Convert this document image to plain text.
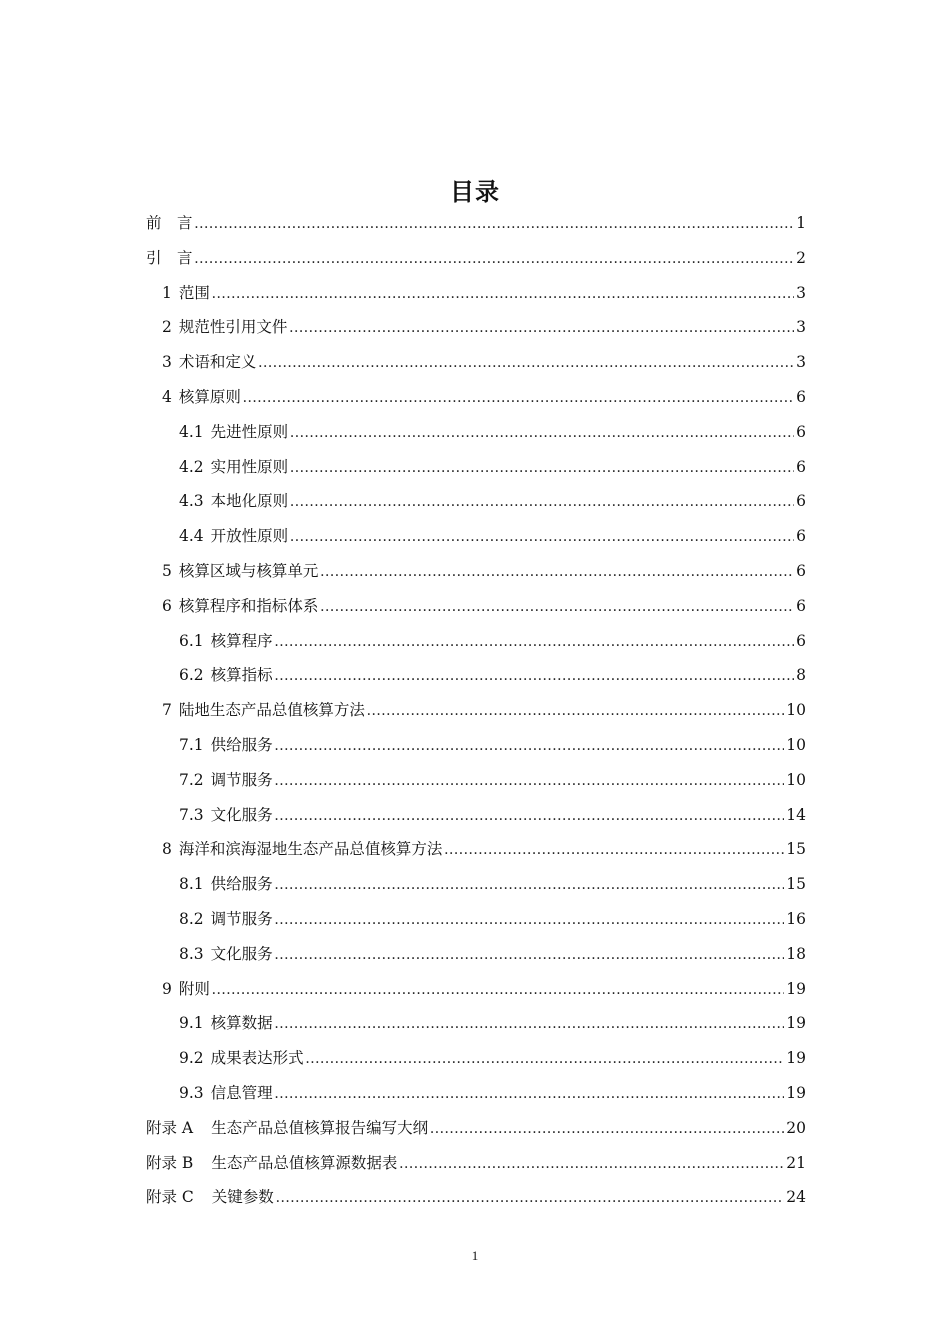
目录
前　言 .....	1
引　言 .....	2
1 范围 .....	3
2 规范性引用文件 .....	3
3 术语和定义 .....	3
4 核算原则 .....	6
4.1 先进性原则 .....	6
4.2 实用性原则 .....	6
4.3 本地化原则 .....	6
4.4 开放性原则 .....	6
5 核算区域与核算单元 .....	6
6 核算程序和指标体系 .....	6
6.1 核算程序 .....	6
6.2 核算指标 .....	8
7 陆地生态产品总值核算方法 .....	10
7.1 供给服务 .....	10
7.2 调节服务 .....	10
7.3 文化服务 .....	14
8 海洋和滨海湿地生态产品总值核算方法 .....	15
8.1 供给服务 .....	15
8.2 调节服务 .....	16
8.3 文化服务 .....	18
9 附则 .....	19
9.1 核算数据 .....	19
9.2 成果表达形式 .....	19
9.3 信息管理 .....	19
附录 A 生态产品总值核算报告编写大纲 .....	20
附录 B 生态产品总值核算源数据表 .....	21
附录 C 关键参数 .....	24
1
